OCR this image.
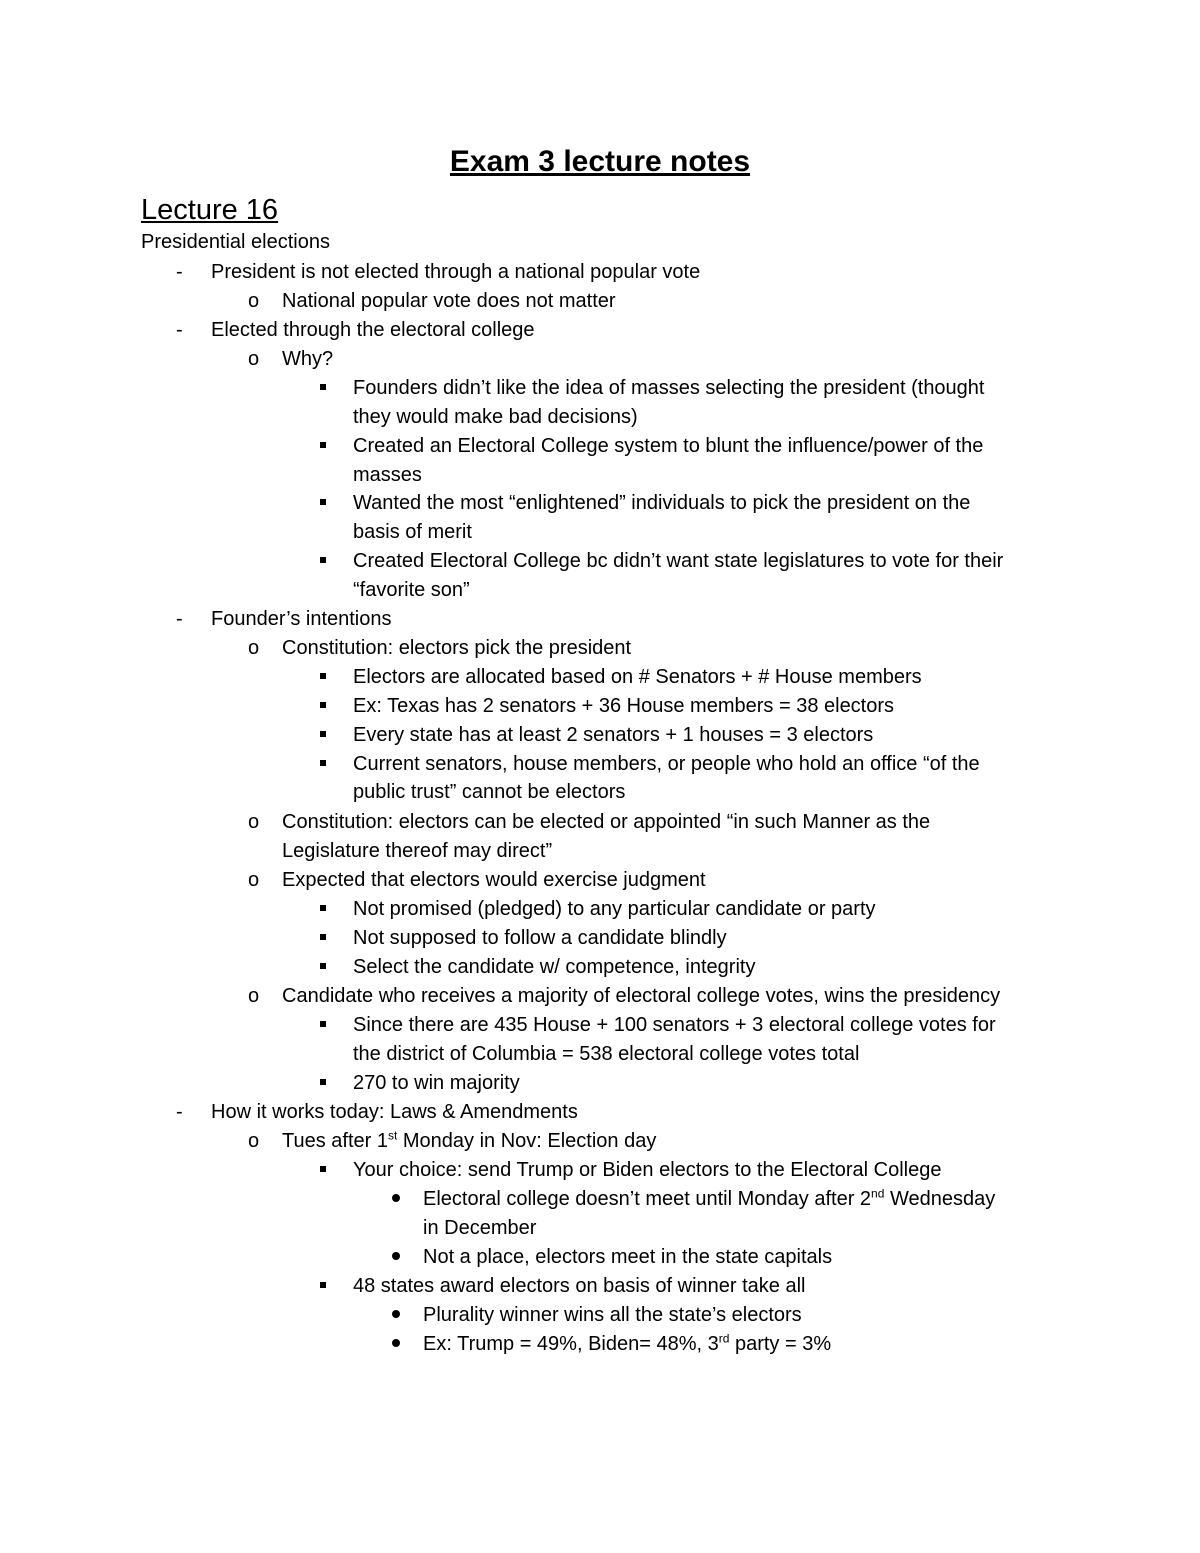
Exam 3 lecture notes
Lecture 16
Presidential elections
- President is not elected through a national popular vote
o National popular vote does not matter
- Elected through the electoral college
o Why?
Founders didn’t like the idea of masses selecting the president (thought
they would make bad decisions)
Created an Electoral College system to blunt the influence/power of the
masses
Wanted the most “enlightened” individuals to pick the president on the
basis of merit
Created Electoral College bc didn’t want state legislatures to vote for their
“favorite son”
- Founder’s intentions
o Constitution: electors pick the president
Electors are allocated based on # Senators + # House members
Ex: Texas has 2 senators + 36 House members = 38 electors
Every state has at least 2 senators + 1 houses = 3 electors
Current senators, house members, or people who hold an office “of the
public trust” cannot be electors
o Constitution: electors can be elected or appointed “in such Manner as the
Legislature thereof may direct”
o Expected that electors would exercise judgment
Not promised (pledged) to any particular candidate or party
Not supposed to follow a candidate blindly
Select the candidate w/ competence, integrity
o Candidate who receives a majority of electoral college votes, wins the presidency
Since there are 435 House + 100 senators + 3 electoral college votes for
the district of Columbia = 538 electoral college votes total
270 to win majority
- How it works today: Laws & Amendments
o Tues after 1st Monday in Nov: Election day
Your choice: send Trump or Biden electors to the Electoral College
Electoral college doesn’t meet until Monday after 2nd Wednesday
in December
Not a place, electors meet in the state capitals
48 states award electors on basis of winner take all
Plurality winner wins all the state’s electors
Ex: Trump = 49%, Biden= 48%, 3rd party = 3%
